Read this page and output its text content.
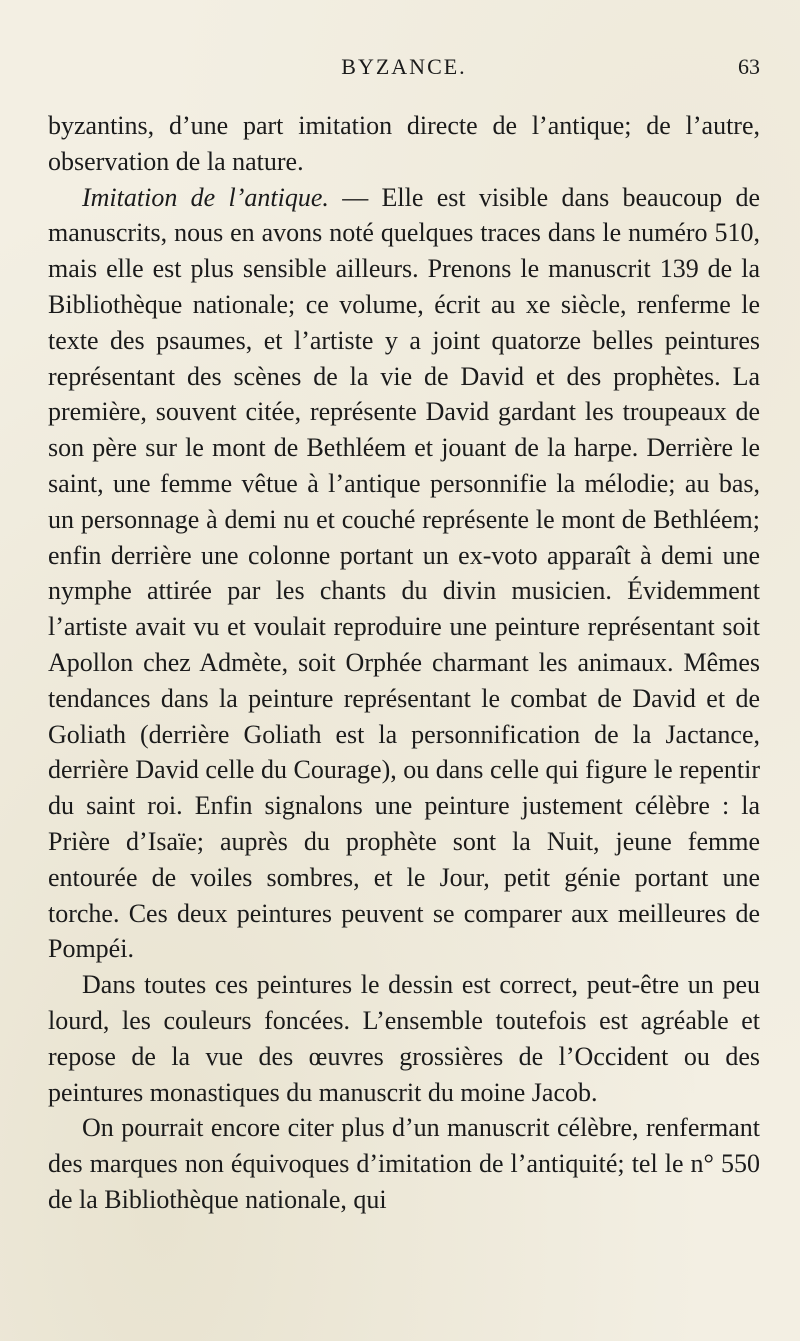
BYZANCE.	63

byzantins, d’une part imitation directe de l’antique; de l’autre, observation de la nature.

Imitation de l’antique. — Elle est visible dans beaucoup de manuscrits, nous en avons noté quelques traces dans le numéro 510, mais elle est plus sensible ailleurs. Prenons le manuscrit 139 de la Bibliothèque nationale; ce volume, écrit au xe siècle, renferme le texte des psaumes, et l’artiste y a joint quatorze belles peintures représentant des scènes de la vie de David et des prophètes. La première, souvent citée, représente David gardant les troupeaux de son père sur le mont de Bethléem et jouant de la harpe. Derrière le saint, une femme vêtue à l’antique personnifie la mélodie; au bas, un personnage à demi nu et couché représente le mont de Bethléem; enfin derrière une colonne portant un ex-voto apparaît à demi une nymphe attirée par les chants du divin musicien. Évidemment l’artiste avait vu et voulait reproduire une peinture représentant soit Apollon chez Admète, soit Orphée charmant les animaux. Mêmes tendances dans la peinture représentant le combat de David et de Goliath (derrière Goliath est la personnification de la Jactance, derrière David celle du Courage), ou dans celle qui figure le repentir du saint roi. Enfin signalons une peinture justement célèbre : la Prière d’Isaïe; auprès du prophète sont la Nuit, jeune femme entourée de voiles sombres, et le Jour, petit génie portant une torche. Ces deux peintures peuvent se comparer aux meilleures de Pompéi.

Dans toutes ces peintures le dessin est correct, peut-être un peu lourd, les couleurs foncées. L’ensemble toutefois est agréable et repose de la vue des œuvres grossières de l’Occident ou des peintures monastiques du manuscrit du moine Jacob.

On pourrait encore citer plus d’un manuscrit célèbre, renfermant des marques non équivoques d’imitation de l’antiquité; tel le n° 550 de la Bibliothèque nationale, qui
